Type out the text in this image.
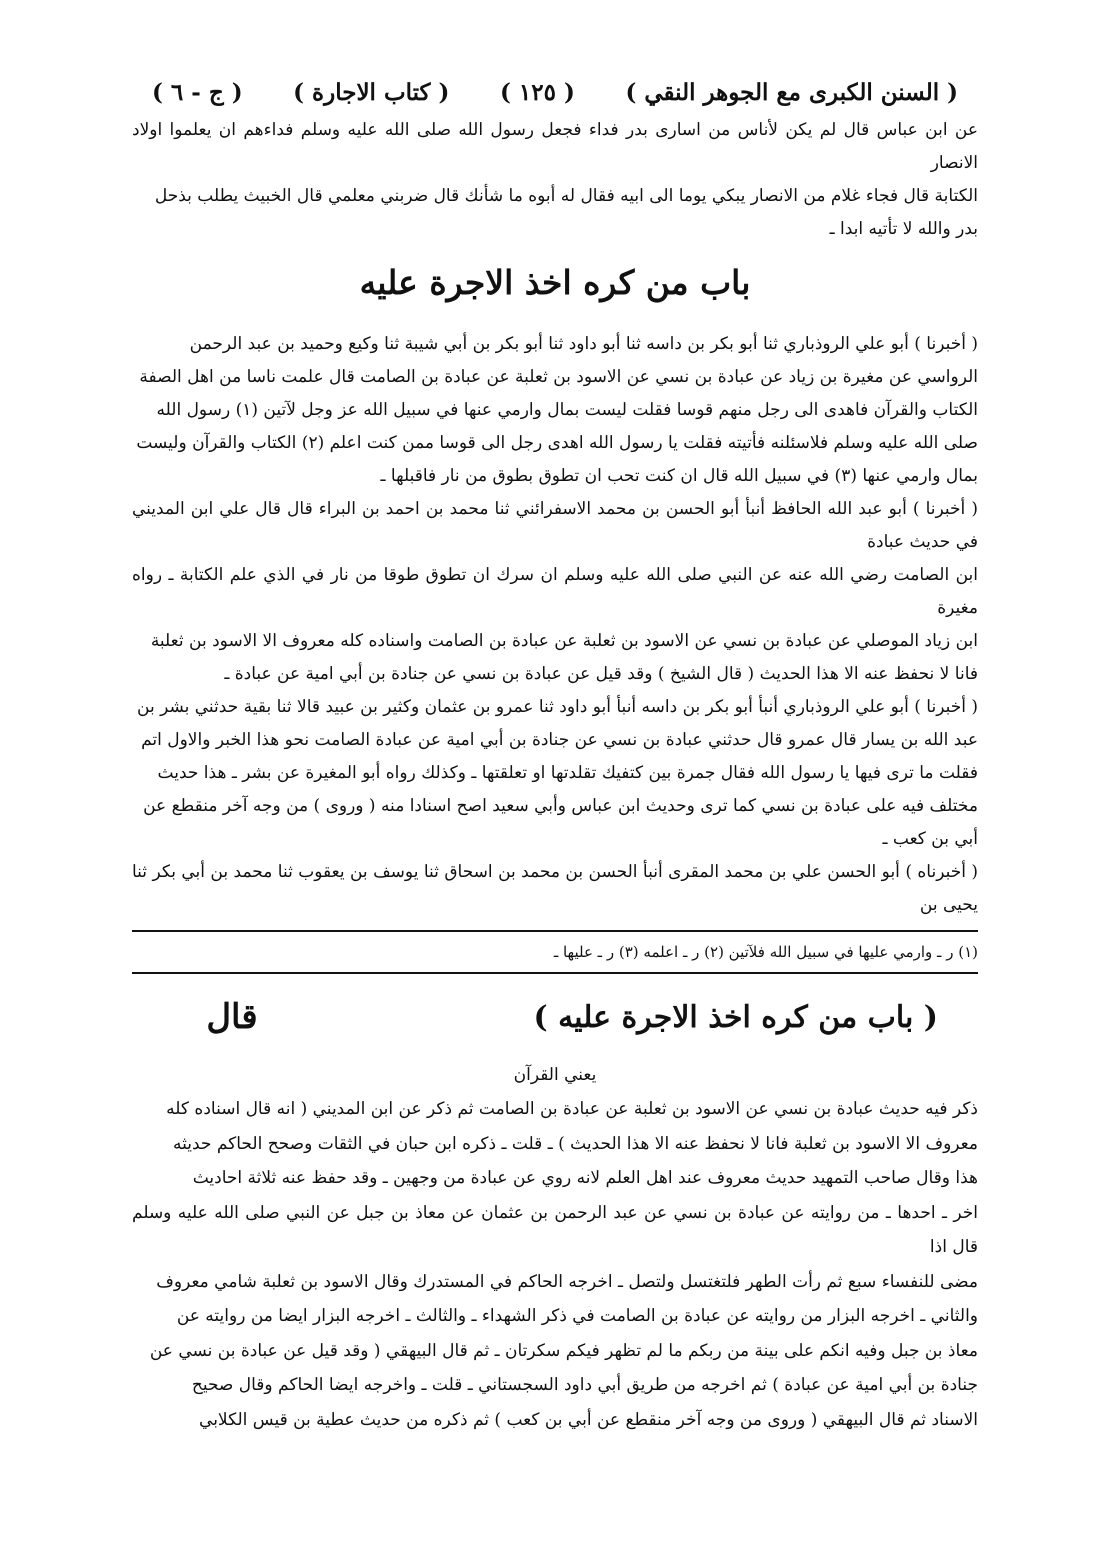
( السنن الكبرى مع الجوهر النقي )
( ١٢٥ )
( كتاب الاجارة )
( ج - ٦ )

عن ابن عباس قال لم يكن لأناس من اسارى بدر فداء فجعل رسول الله صلى الله عليه وسلم فداءهم ان يعلموا اولاد الانصار

الكتابة قال فجاء غلام من الانصار يبكي يوما الى ابيه فقال له أبوه ما شأنك قال ضربني معلمي قال الخبيث يطلب بذحل

بدر والله لا تأتيه ابدا ـ

باب من كره اخذ الاجرة عليه

( أخبرنا ) أبو علي الروذباري ثنا أبو بكر بن داسه ثنا أبو داود ثنا أبو بكر بن أبي شيبة ثنا وكيع وحميد بن عبد الرحمن

الرواسي عن مغيرة بن زياد عن عبادة بن نسي عن الاسود بن ثعلبة عن عبادة بن الصامت قال علمت ناسا من اهل الصفة

الكتاب والقرآن فاهدى الى رجل منهم قوسا فقلت ليست بمال وارمي عنها في سبيل الله عز وجل لآتين (١) رسول الله

صلى الله عليه وسلم فلاسئلنه فأتيته فقلت يا رسول الله اهدى رجل الى قوسا ممن كنت اعلم (٢) الكتاب والقرآن وليست

بمال وارمي عنها (٣) في سبيل الله قال ان كنت تحب ان تطوق بطوق من نار فاقبلها ـ

( أخبرنا ) أبو عبد الله الحافظ أنبأ أبو الحسن بن محمد الاسفرائني ثنا محمد بن احمد بن البراء قال قال علي ابن المديني في حديث عبادة

ابن الصامت رضي الله عنه عن النبي صلى الله عليه وسلم ان سرك ان تطوق طوقا من نار في الذي علم الكتابة ـ رواه مغيرة

ابن زياد الموصلي عن عبادة بن نسي عن الاسود بن ثعلبة عن عبادة بن الصامت واسناده كله معروف الا الاسود بن ثعلبة

فانا لا نحفظ عنه الا هذا الحديث ( قال الشيخ ) وقد قيل عن عبادة بن نسي عن جنادة بن أبي امية عن عبادة ـ

( أخبرنا ) أبو علي الروذباري أنبأ أبو بكر بن داسه أنبأ أبو داود ثنا عمرو بن عثمان وكثير بن عبيد قالا ثنا بقية حدثني بشر بن

عبد الله بن يسار قال عمرو قال حدثني عبادة بن نسي عن جنادة بن أبي امية عن عبادة الصامت نحو هذا الخبر والاول اتم

فقلت ما ترى فيها يا رسول الله فقال جمرة بين كتفيك تقلدتها او تعلقتها ـ وكذلك رواه أبو المغيرة عن بشر ـ هذا حديث

مختلف فيه على عبادة بن نسي كما ترى وحديث ابن عباس وأبي سعيد اصح اسنادا منه ( وروى ) من وجه آخر منقطع عن

أبي بن كعب ـ

( أخبرناه ) أبو الحسن علي بن محمد المقرى أنبأ الحسن بن محمد بن اسحاق ثنا يوسف بن يعقوب ثنا محمد بن أبي بكر ثنا يحيى بن

(١) ر ـ وارمي عليها في سبيل الله فلآتين (٢) ر ـ اعلمه (٣) ر ـ عليها ـ

( باب من كره اخذ الاجرة عليه )
قال
يعني القرآن

ذكر فيه حديث عبادة بن نسي عن الاسود بن ثعلبة عن عبادة بن الصامت ثم ذكر عن ابن المديني ( انه قال اسناده كله

معروف الا الاسود بن ثعلبة فانا لا نحفظ عنه الا هذا الحديث ) ـ قلت ـ ذكره ابن حبان في الثقات وصحح الحاكم حديثه

هذا وقال صاحب التمهيد حديث معروف عند اهل العلم لانه روي عن عبادة من وجهين ـ وقد حفظ عنه ثلاثة احاديث

اخر ـ احدها ـ من روايته عن عبادة بن نسي عن عبد الرحمن بن عثمان عن معاذ بن جبل عن النبي صلى الله عليه وسلم قال اذا

مضى للنفساء سبع ثم رأت الطهر فلتغتسل ولتصل ـ اخرجه الحاكم في المستدرك وقال الاسود بن ثعلبة شامي معروف

والثاني ـ اخرجه البزار من روايته عن عبادة بن الصامت في ذكر الشهداء ـ والثالث ـ اخرجه البزار ايضا من روايته عن

معاذ بن جبل وفيه انكم على بينة من ربكم ما لم تظهر فيكم سكرتان ـ ثم قال البيهقي ( وقد قيل عن عبادة بن نسي عن

جنادة بن أبي امية عن عبادة ) ثم اخرجه من طريق أبي داود السجستاني ـ قلت ـ واخرجه ايضا الحاكم وقال صحيح

الاسناد ثم قال البيهقي ( وروى من وجه آخر منقطع عن أبي بن كعب ) ثم ذكره من حديث عطية بن قيس الكلابي
